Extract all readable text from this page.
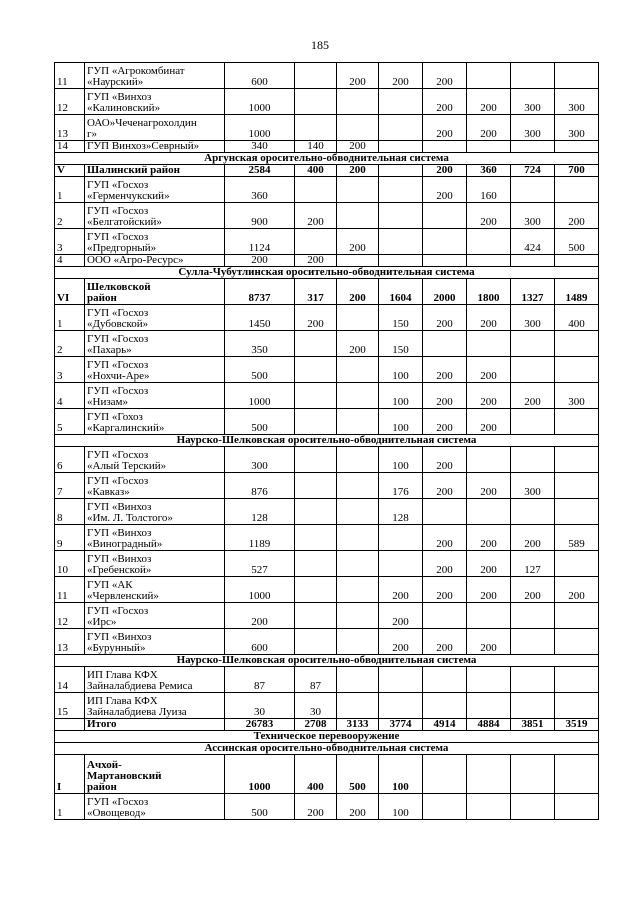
185
11	ГУП «Агрокомбинат
«Наурский»	600		200	200	200			
12	ГУП «Винхоз
«Калиновский»	1000				200	200	300	300
13	ОАО»Чеченагрохолдин
г»	1000				200	200	300	300
14	ГУП Винхоз»Севрный»	340	140	200					
Аргунская оросительно-обводнительная система									
V	Шалинский район	2584	400	200		200	360	724	700
1	ГУП «Госхоз
«Герменчукский»	360				200	160		
2	ГУП «Госхоз
«Белгатойский»	900	200				200	300	200
3	ГУП «Госхоз
«Предгорный»	1124		200				424	500
4	ООО «Агро-Ресурс»	200	200						
Сулла-Чубутлинская оросительно-обводнительная система									
VI	Шелковской
район	8737	317	200	1604	2000	1800	1327	1489
1	ГУП «Госхоз
«Дубовской»	1450	200		150	200	200	300	400
2	ГУП «Госхоз
«Пахарь»	350		200	150				
3	ГУП «Госхоз
«Нохчи-Аре»	500			100	200	200		
4	ГУП «Госхоз
«Низам»	1000			100	200	200	200	300
5	ГУП «Гохоз
«Каргалинский»	500			100	200	200		
Наурско-Шелковская оросительно-обводнительная система									
6	ГУП «Госхоз
«Алый Терский»	300			100	200			
7	ГУП «Госхоз
«Кавказ»	876			176	200	200	300	
8	ГУП «Винхоз
«Им. Л. Толстого»	128			128				
9	ГУП «Винхоз
«Виноградный»	1189				200	200	200	589
10	ГУП «Винхоз
«Гребенской»	527				200	200	127	
11	ГУП «АК
«Червленский»	1000			200	200	200	200	200
12	ГУП «Госхоз
«Ирс»	200			200				
13	ГУП «Винхоз
«Бурунный»	600			200	200	200		
Наурско-Шелковская оросительно-обводнительная система									
14	ИП Глава КФХ
Зайналабдиева Ремиса	87	87						
15	ИП Глава КФХ
Зайналабдиева Луиза	30	30						
	Итого	26783	2708	3133	3774	4914	4884	3851	3519
Техническое перевооружение									
Ассинская оросительно-обводнительная система									
I	Ачхой-
Мартановский
район	1000	400	500	100				
1	ГУП «Госхоз
«Овощевод»	500	200	200	100				
